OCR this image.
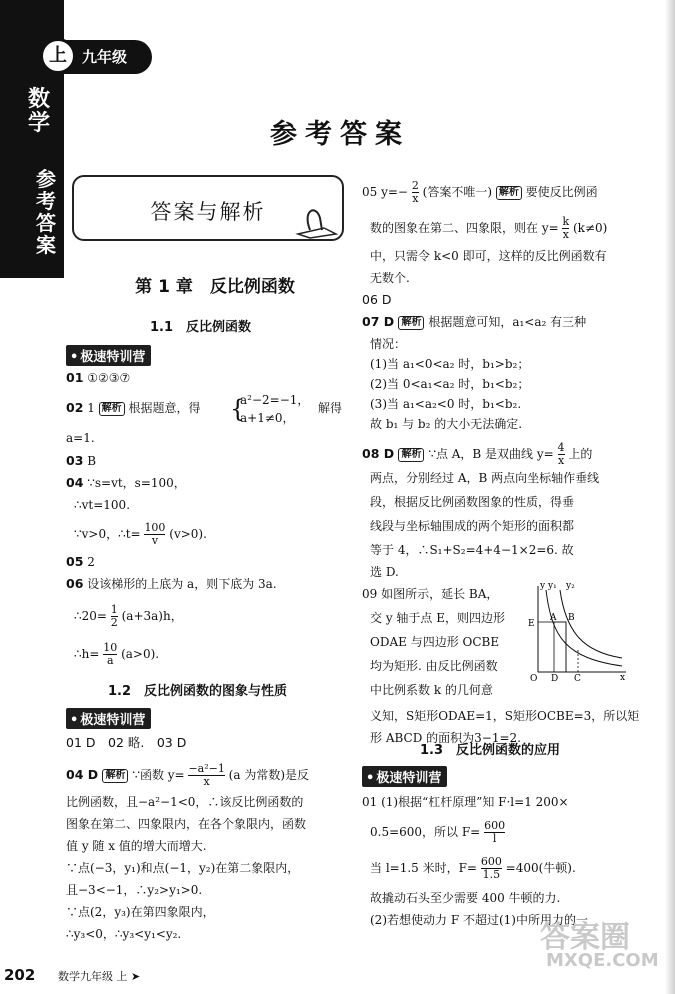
上	九年级
数
学
参
考
答
案
参考答案
答案与解析
第 1 章　反比例函数
1.1　反比例函数
• 极速特训营
01 ①②③⑦
02 1 解析 根据题意，得 {
a²−2=−1，
a+1≠0，
解得
a=1.
03 B
04 ∵s=vt，s=100，
∴vt=100.
∵v>0，∴t= $\frac{100}{v} (v>0)$.
05 2
06 设该梯形的上底为 a，则下底为 3a.
∴20= $\frac{1}{2} (a+3a)h$，
∴h= $\frac{10}{a} (a>0)$.
1.2　反比例函数的图象与性质
• 极速特训营
01 D　02 略.　03 D
04 D 解析 ∵函数 $y= \frac{\text{−a²−1}}{x} (a$ 为常数)是反
比例函数，且−a²−1<0，∴该反比例函数的
图象在第二、四象限内，在各个象限内，函数
值 y 随 x 值的增大而增大.
∵点(−3，y₁)和点(−1，y₂)在第二象限内，
且−3<−1，∴y₂>y₁>0.
∵点(2，y₃)在第四象限内，
∴y₃<0，∴y₃<y₁<y₂.
05 $y=- \frac{2}{x}$ (答案不唯一) 解析 要使反比例函
数的图象在第二、四象限，则在 $y= \frac{k}{x} (k\ne 0)$
中，只需令 k<0 即可，这样的反比例函数有
无数个.
06 D
07 D 解析 根据题意可知，a₁<a₂ 有三种
情况：
(1)当 a₁<0<a₂ 时，b₁>b₂；
(2)当 0<a₁<a₂ 时，b₁<b₂；
(3)当 a₁<a₂<0 时，b₁<b₂.
故 b₁ 与 b₂ 的大小无法确定.
08 D 解析 ∵点 A，B 是双曲线 $y= \frac{4}{x}$ 上的
两点，分别经过 A，B 两点向坐标轴作垂线
段，根据反比例函数图象的性质，得垂
线段与坐标轴围成的两个矩形的面积都
等于 4，∴S₁+S₂=4+4−1×2=6. 故
选 D.
09 如图所示，延长 BA，
交 y 轴于点 E，则四边形
ODAE 与四边形 OCBE
均为矩形. 由反比例函数
中比例系数 k 的几何意
y y₁ y₂
E
A B
O D C	x
义知，S矩形ODAE=1，S矩形OCBE=3，所以矩
形 ABCD 的面积为3−1=2.
1.3　反比例函数的应用
• 极速特训营
01 (1)根据“杠杆原理”知 F·l=1 200×
0.5=600，所以 $F= \frac{600}{l}$
当 l=1.5 米时，$F= \frac{600}{1.5} =400$(牛顿).
故撬动石头至少需要 400 牛顿的力.
(2)若想使动力 F 不超过(1)中所用力的一
202 数学九年级 上 ➤
答案圈
MXQE.COM
